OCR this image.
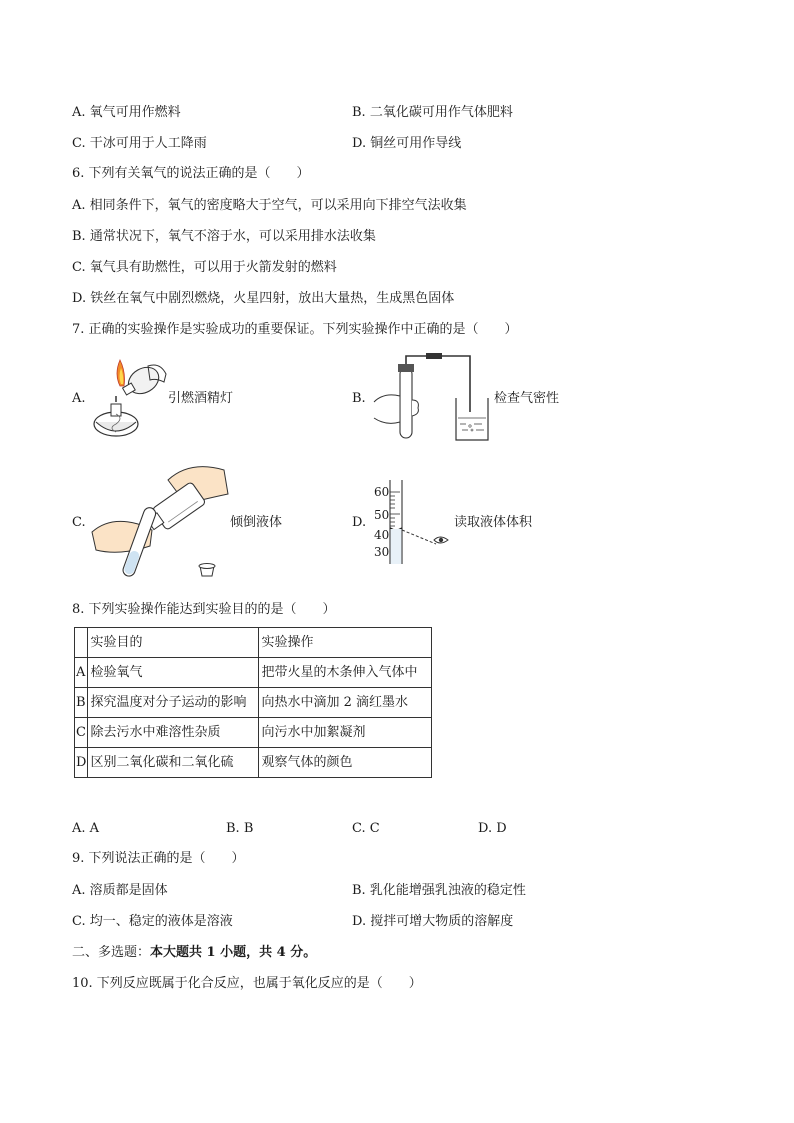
A. 氧气可用作燃料	B. 二氧化碳可用作气体肥料
C. 干冰可用于人工降雨	D. 铜丝可用作导线
6. 下列有关氧气的说法正确的是（　　）
A. 相同条件下，氧气的密度略大于空气，可以采用向下排空气法收集
B. 通常状况下，氧气不溶于水，可以采用排水法收集
C. 氧气具有助燃性，可以用于火箭发射的燃料
D. 铁丝在氧气中剧烈燃烧，火星四射，放出大量热，生成黑色固体
7. 正确的实验操作是实验成功的重要保证。下列实验操作中正确的是（　　）
A.	引燃酒精灯	B.	检查气密性
C.	倾倒液体	D.
60
50
40
30
读取液体体积
8. 下列实验操作能达到实验目的的是（　　）
	实验目的	实验操作
A	检验氧气	把带火星的木条伸入气体中
B	探究温度对分子运动的影响	向热水中滴加 2 滴红墨水
C	除去污水中难溶性杂质	向污水中加絮凝剂
D	区别二氧化碳和二氧化硫	观察气体的颜色
A. A	B. B	C. C	D. D
9. 下列说法正确的是（　　）
A. 溶质都是固体	B. 乳化能增强乳浊液的稳定性
C. 均一、稳定的液体是溶液	D. 搅拌可增大物质的溶解度
二、多选题：本大题共 1 小题，共 4 分。
10. 下列反应既属于化合反应，也属于氧化反应的是（　　）
